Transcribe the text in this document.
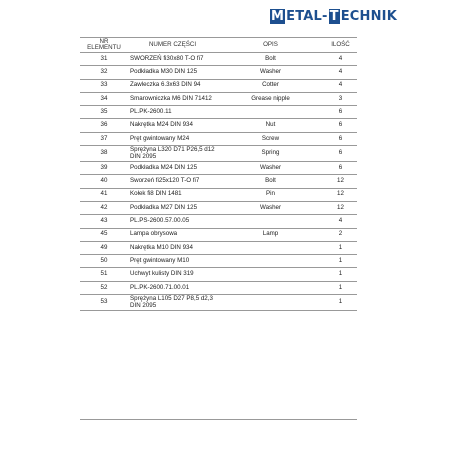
M ETAL- T ECHNIK
NR ELEMENTU	NUMER CZĘŚCI	OPIS	ILOŚĆ
31	SWORZEŃ fi30x80 T-O fi7	Bolt	4
32	Podkładka M30 DIN 125	Washer	4
33	Zawleczka 6.3x63 DIN 94	Cotter	4
34	Smarowniczka M6 DIN 71412	Grease nipple	3
35	PL.PK-2600.11		6
36	Nakrętka M24 DIN 934	Nut	6
37	Pręt gwintowany M24	Screw	6
38	Sprężyna L320 D71 P26,5 d12 DIN 2095	Spring	6
39	Podkładka M24 DIN 125	Washer	6
40	Sworzeń fi25x120 T-O fi7	Bolt	12
41	Kołek fi8 DIN 1481	Pin	12
42	Podkładka M27 DIN 125	Washer	12
43	PL.PS-2600.57.00.05		4
45	Lampa obrysowa	Lamp	2
49	Nakrętka M10 DIN 934		1
50	Pręt gwintowany M10		1
51	Uchwyt kulisty DIN 319		1
52	PL.PK-2600.71.00.01		1
53	Sprężyna L105 D27 P8,5 d2,3 DIN 2095		1
